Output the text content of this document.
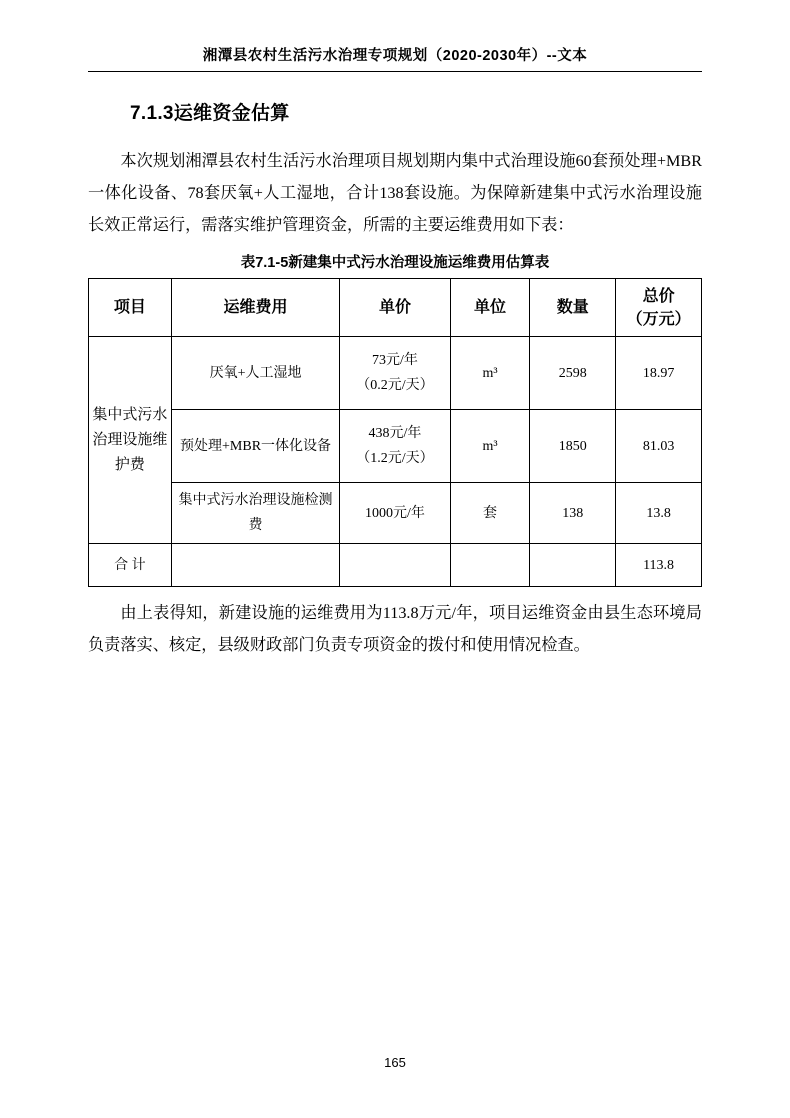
湘潭县农村生活污水治理专项规划（2020-2030年）--文本
7.1.3运维资金估算

本次规划湘潭县农村生活污水治理项目规划期内集中式治理设施60套预处理+MBR一体化设备、78套厌氧+人工湿地，合计138套设施。为保障新建集中式污水治理设施长效正常运行，需落实维护管理资金，所需的主要运维费用如下表：

表7.1-5新建集中式污水治理设施运维费用估算表
项目	运维费用	单价	单位	数量	总价
（万元）

集中式污水治理设施维护费	厌氧+人工湿地	73元/年
（0.2元/天）	m³	2598	18.97
	预处理+MBR一体化设备	438元/年
（1.2元/天）	m³	1850	81.03
	集中式污水治理设施检测费	1000元/年	套	138	13.8
合 计					113.8

由上表得知，新建设施的运维费用为113.8万元/年，项目运维资金由县生态环境局负责落实、核定，县级财政部门负责专项资金的拨付和使用情况检查。

165
